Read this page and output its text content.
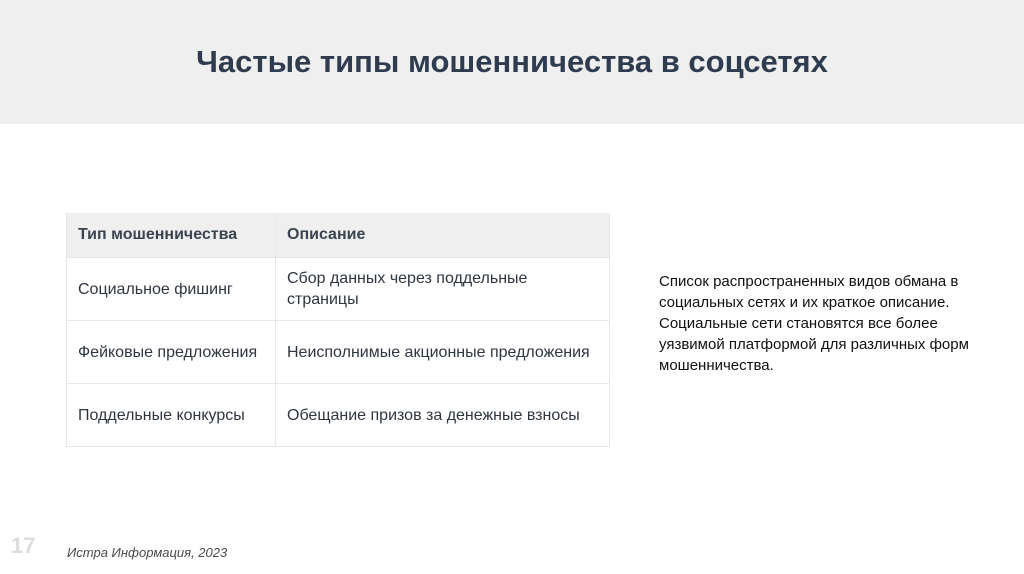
Частые типы мошенничества в соцсетях
Тип мошенничества	Описание
Социальное фишинг	Сбор данных через поддельные страницы
Фейковые предложения	Неисполнимые акционные предложения
Поддельные конкурсы	Обещание призов за денежные взносы

Список распространенных видов обмана в социальных сетях и их краткое описание.

Социальные сети становятся все более уязвимой платформой для различных форм мошенничества.

17 Истра Информация, 2023
